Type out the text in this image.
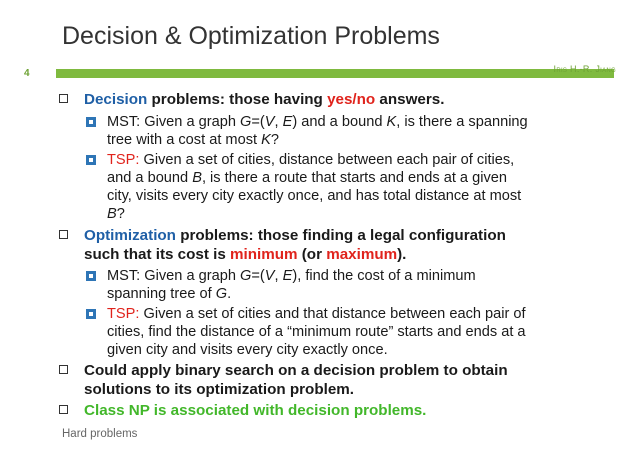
Decision & Optimization Problems
4	Iris H.-R. Jiang
Decision problems: those having yes/no answers.
MST: Given a graph G=(V, E) and a bound K, is there a spanning
tree with a cost at most K?
TSP: Given a set of cities, distance between each pair of cities,
and a bound B, is there a route that starts and ends at a given
city, visits every city exactly once, and has total distance at most
B?
Optimization problems: those finding a legal configuration
such that its cost is minimum (or maximum).
MST: Given a graph G=(V, E), find the cost of a minimum
spanning tree of G.
TSP: Given a set of cities and that distance between each pair of
cities, find the distance of a “minimum route” starts and ends at a
given city and visits every city exactly once.
Could apply binary search on a decision problem to obtain
solutions to its optimization problem.
Class NP is associated with decision problems.
Hard problems
